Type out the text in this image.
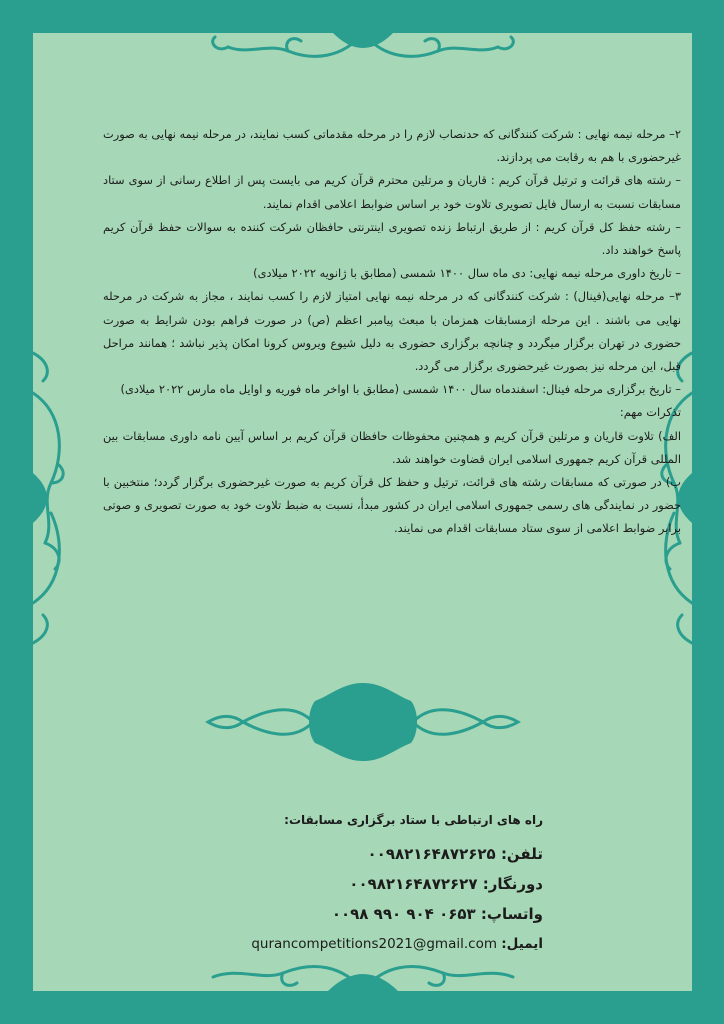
۲– مرحله نیمه نهایی : شرکت کنندگانی که حدنصاب لازم را در مرحله مقدماتی کسب نمایند، در مرحله نیمه نهایی به صورت غیرحضوری با هم به رقابت می پردازند.

– رشته های قرائت و ترتیل قرآن کریم : قاریان و مرتلین محترم قرآن کریم می بایست پس از اطلاع رسانی از سوی ستاد مسابقات نسبت به ارسال فایل تصویری تلاوت خود بر اساس ضوابط اعلامی اقدام نمایند.

– رشته حفظ کل قرآن کریم : از طریق ارتباط زنده تصویری اینترنتی حافظان شرکت کننده به سوالات حفظ قرآن کریم پاسخ خواهند داد.

– تاریخ داوری مرحله نیمه نهایی: دی ماه سال ۱۴۰۰ شمسی (مطابق با ژانویه ۲۰۲۲ میلادی)

۳– مرحله نهایی(فینال) : شرکت کنندگانی که در مرحله نیمه نهایی امتیاز لازم را کسب نمایند ، مجاز به شرکت در مرحله نهایی می باشند . این مرحله ازمسابقات همزمان با مبعث پیامبر اعظم (ص) در صورت فراهم بودن شرایط به صورت حضوری در تهران برگزار میگردد و چنانچه برگزاری حضوری به دلیل شیوع ویروس کرونا امکان پذیر نباشد ؛ همانند مراحل قبل، این مرحله نیز بصورت غیرحضوری برگزار می گردد.

– تاریخ برگزاری مرحله فینال: اسفندماه سال ۱۴۰۰ شمسی (مطابق با اواخر ماه فوریه و اوایل ماه مارس ۲۰۲۲ میلادی)

تذکرات مهم:

الف) تلاوت قاریان و مرتلین قرآن کریم و همچنین محفوظات حافظان قرآن کریم بر اساس آیین نامه داوری مسابقات بین المللی قرآن کریم جمهوری اسلامی ایران قضاوت خواهند شد.

ب) در صورتی که مسابقات رشته های قرائت، ترتیل و حفظ کل قرآن کریم به صورت غیرحضوری برگزار گردد؛ منتخبین با حضور در نمایندگی های رسمی جمهوری اسلامی ایران در کشور مبدأ، نسبت به ضبط تلاوت خود به صورت تصویری و صوتی برابر ضوابط اعلامی از سوی ستاد مسابقات اقدام می نمایند.

راه های ارتباطی با ستاد برگزاری مسابقات:

تلفن: ۰۰۹۸۲۱۶۴۸۷۲۶۲۵

دورنگار: ۰۰۹۸۲۱۶۴۸۷۲۶۲۷

واتساپ: ۰۰۹۸ ۹۹۰ ۹۰۴ ۰۶۵۳

ایمیل: qurancompetitions2021@gmail.com
